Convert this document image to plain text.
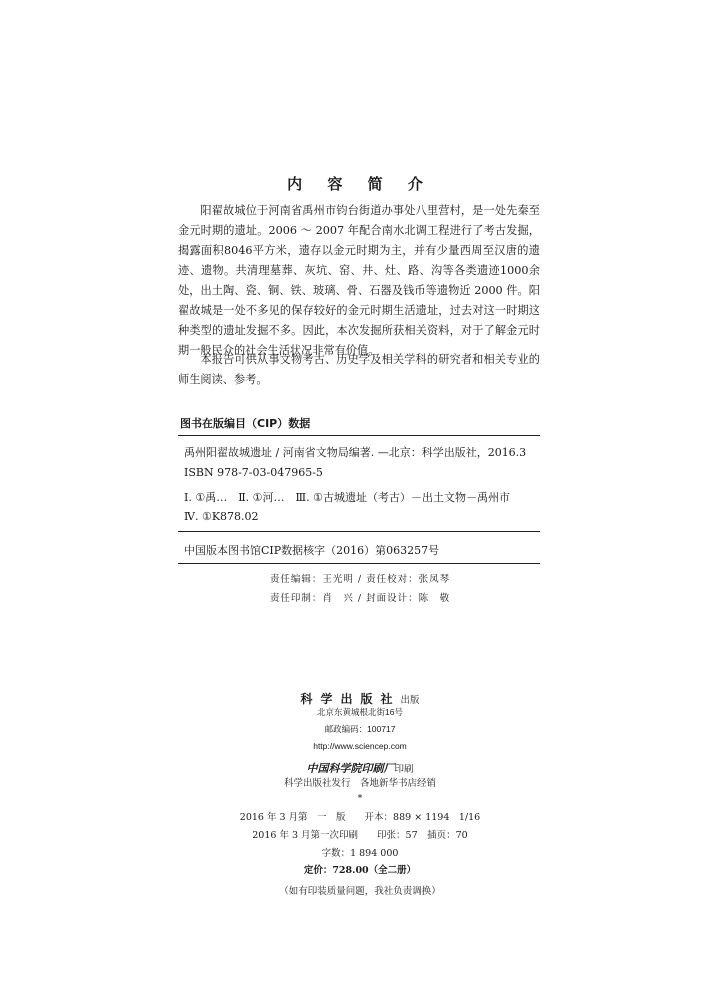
内 容 简 介

阳翟故城位于河南省禹州市钧台街道办事处八里营村，是一处先秦至金元时期的遗址。2006 ～ 2007 年配合南水北调工程进行了考古发掘，揭露面积8046平方米，遗存以金元时期为主，并有少量西周至汉唐的遗迹、遗物。共清理墓葬、灰坑、窑、井、灶、路、沟等各类遗迹1000余处，出土陶、瓷、铜、铁、玻璃、骨、石器及钱币等遗物近 2000 件。阳翟故城是一处不多见的保存较好的金元时期生活遗址，过去对这一时期这种类型的遗址发掘不多。因此，本次发掘所获相关资料，对于了解金元时期一般民众的社会生活状况非常有价值。

本报告可供从事文物考古、历史学及相关学科的研究者和相关专业的师生阅读、参考。

图书在版编目（CIP）数据
禹州阳翟故城遗址 / 河南省文物局编著. —北京：科学出版社，2016.3
ISBN 978-7-03-047965-5
Ⅰ. ①禹…　Ⅱ. ①河…　Ⅲ. ①古城遗址（考古）－出土文物－禹州市
Ⅳ. ①K878.02
中国版本图书馆CIP数据核字（2016）第063257号
责任编辑：王光明 / 责任校对：张凤琴
责任印制：肖　兴 / 封面设计：陈　敬
科学出版社出版
北京东黄城根北街16号
邮政编码：100717
http://www.sciencep.com
中国科学院印刷厂印刷
科学出版社发行　各地新华书店经销
*
2016 年 3 月第　一　版　　开本：889 × 1194　1/16
2016 年 3 月第一次印刷　　印张：57　插页：70
字数：1 894 000
定价：728.00（全二册）
（如有印装质量问题，我社负责调换）
